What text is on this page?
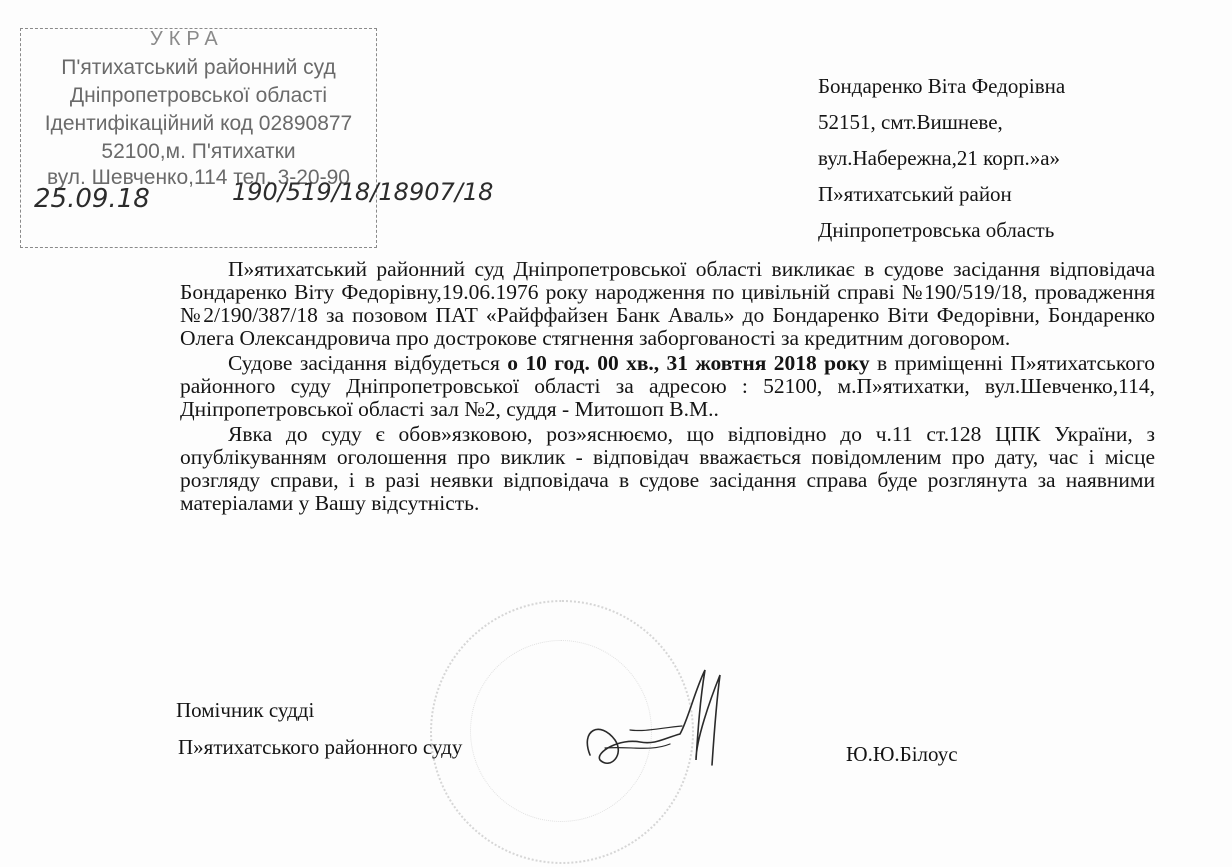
УКРА
П'ятихатський районний суд
Дніпропетровської області
Ідентифікаційний код 02890877
52100,м. П'ятихатки
вул. Шевченко,114 тел. 3-20-90
25.09.18	190/519/18/18907/18
Бондаренко Віта Федорівна
52151, смт.Вишневе,
вул.Набережна,21 корп.»а»
П»ятихатський район
Дніпропетровська область

П»ятихатський районний суд Дніпропетровської області викликає в судове засідання відповідача Бондаренко Віту Федорівну,19.06.1976 року народження по цивільній справі №190/519/18, провадження №2/190/387/18 за позовом ПАТ «Райффайзен Банк Аваль» до Бондаренко Віти Федорівни, Бондаренко Олега Олександровича про дострокове стягнення заборгованості за кредитним договором.

Судове засідання відбудеться о 10 год. 00 хв., 31 жовтня 2018 року в приміщенні П»ятихатського районного суду Дніпропетровської області за адресою : 52100, м.П»ятихатки, вул.Шевченко,114, Дніпропетровської області зал №2, суддя - Митошоп В.М..

Явка до суду є обов»язковою, роз»яснюємо, що відповідно до ч.11 ст.128 ЦПК України, з опублікуванням оголошення про виклик - відповідач вважається повідомленим про дату, час і місце розгляду справи, і в разі неявки відповідача в судове засідання справа буде розглянута за наявними матеріалами у Вашу відсутність.

Помічник судді
П»ятихатського районного суду	Ю.Ю.Білоус
